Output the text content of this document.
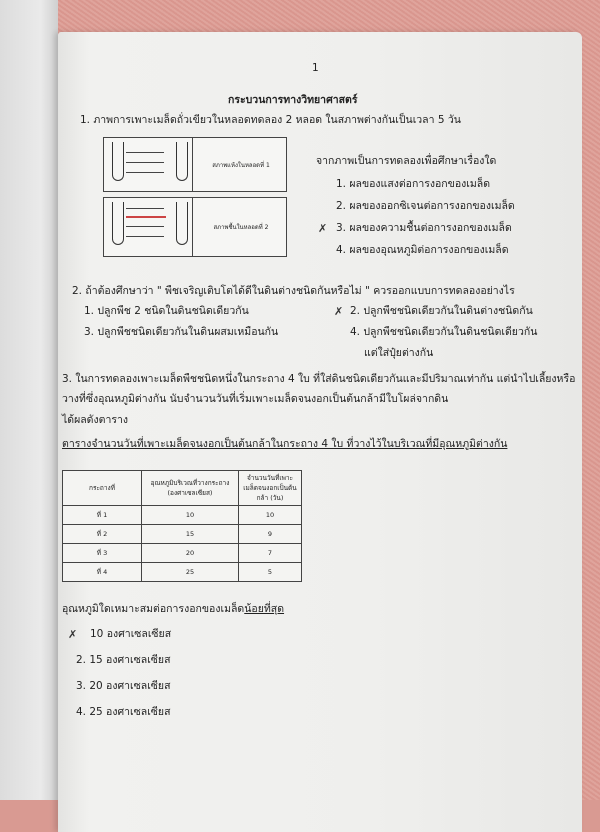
1
กระบวนการทางวิทยาศาสตร์
1. ภาพการเพาะเมล็ดถั่วเขียวในหลอดทดลอง 2 หลอด ในสภาพต่างกันเป็นเวลา 5 วัน
สภาพแห้งในหลอดที่ 1
สภาพชื้นในหลอดที่ 2
จากภาพเป็นการทดลองเพื่อศึกษาเรื่องใด
1. ผลของแสงต่อการงอกของเมล็ด
2. ผลของออกซิเจนต่อการงอกของเมล็ด
✗ 3. ผลของความชื้นต่อการงอกของเมล็ด
4. ผลของอุณหภูมิต่อการงอกของเมล็ด
2. ถ้าต้องศึกษาว่า " พืชเจริญเติบโตได้ดีในดินต่างชนิดกันหรือไม่ " ควรออกแบบการทดลองอย่างไร
1. ปลูกพืช 2 ชนิดในดินชนิดเดียวกัน	✗ 2. ปลูกพืชชนิดเดียวกันในดินต่างชนิดกัน
3. ปลูกพืชชนิดเดียวกันในดินผสมเหมือนกัน	4. ปลูกพืชชนิดเดียวกันในดินชนิดเดียวกัน
แต่ใส่ปุ๋ยต่างกัน
3. ในการทดลองเพาะเมล็ดพืชชนิดหนึ่งในกระถาง 4 ใบ ที่ใส่ดินชนิดเดียวกันและมีปริมาณเท่ากัน แต่นำไปเลี้ยงหรือ
วางที่ซึ่งอุณหภูมิต่างกัน นับจำนวนวันที่เริ่มเพาะเมล็ดจนงอกเป็นต้นกล้ามีใบโผล่จากดิน
ได้ผลดังตาราง
ตารางจำนวนวันที่เพาะเมล็ดจนงอกเป็นต้นกล้าในกระถาง 4 ใบ ที่วางไว้ในบริเวณที่มีอุณหภูมิต่างกัน
กระถางที่	อุณหภูมิบริเวณที่วางกระถาง (องศาเซลเซียส)	จำนวนวันที่เพาะเมล็ดจนงอกเป็นต้นกล้า (วัน)
ที่ 1	10	10
ที่ 2	15	9
ที่ 3	20	7
ที่ 4	25	5
อุณหภูมิใดเหมาะสมต่อการงอกของเมล็ดน้อยที่สุด
✗ 10 องศาเซลเซียส
2. 15 องศาเซลเซียส
3. 20 องศาเซลเซียส
4. 25 องศาเซลเซียส
